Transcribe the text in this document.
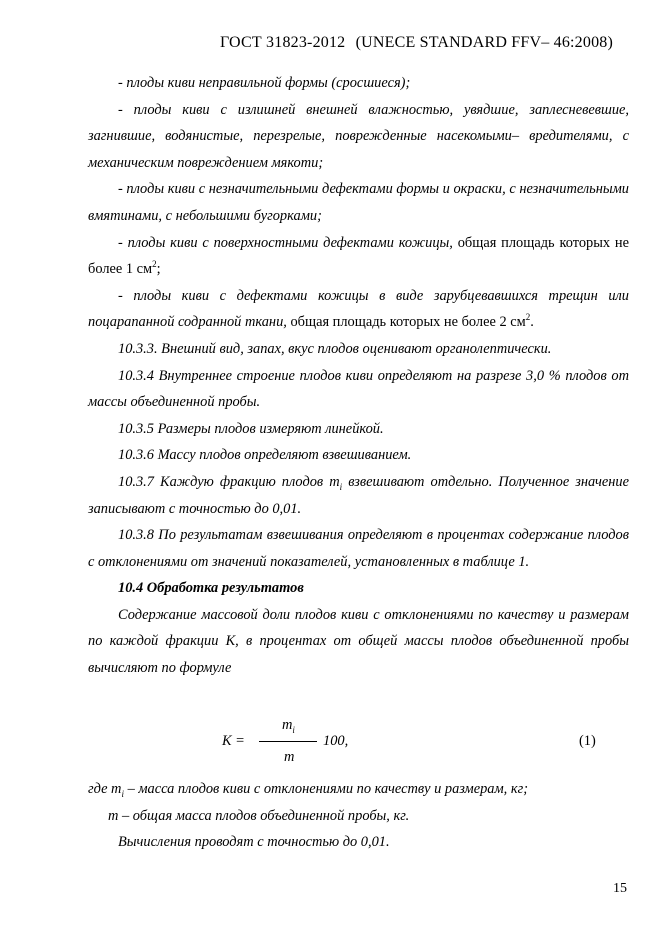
ГОСТ 31823-2012 (UNECE STANDARD FFV– 46:2008)

- плоды киви неправильной формы (сросшиеся);

- плоды киви с излишней внешней влажностью, увядшие, заплесневевшие, загнившие, водянистые, перезрелые, поврежденные насекомыми– вредителями, с механическим повреждением мякоти;

- плоды киви с незначительными дефектами формы и окраски, с незначительными вмятинами, с небольшими бугорками;

- плоды киви с поверхностными дефектами кожицы, общая площадь которых не более 1 $см^2$;

- плоды киви с дефектами кожицы в виде зарубцевавшихся трещин или поцарапанной содранной ткани, общая площадь которых не более 2 $см^2$.

10.3.3. Внешний вид, запах, вкус плодов оценивают органолептически.

10.3.4 Внутреннее строение плодов киви определяют на разрезе 3,0 % плодов от массы объединенной пробы.

10.3.5 Размеры плодов измеряют линейкой.

10.3.6 Массу плодов определяют взвешиванием.

10.3.7 Каждую фракцию плодов $m_i$ взвешивают отдельно. Полученное значение записывают с точностью до 0,01.

10.3.8 По результатам взвешивания определяют в процентах содержание плодов с отклонениями от значений показателей, установленных в таблице 1.

10.4 Обработка результатов

Содержание массовой доли плодов киви с отклонениями по качеству и размерам по каждой фракции К, в процентах от общей массы плодов объединенной пробы вычисляют по формуле

К =
$m_i$
m
100,	(1)

где $m_i$ – масса плодов киви с отклонениями по качеству и размерам, кг;

m – общая масса плодов объединенной пробы, кг.

Вычисления проводят с точностью до 0,01.

15
